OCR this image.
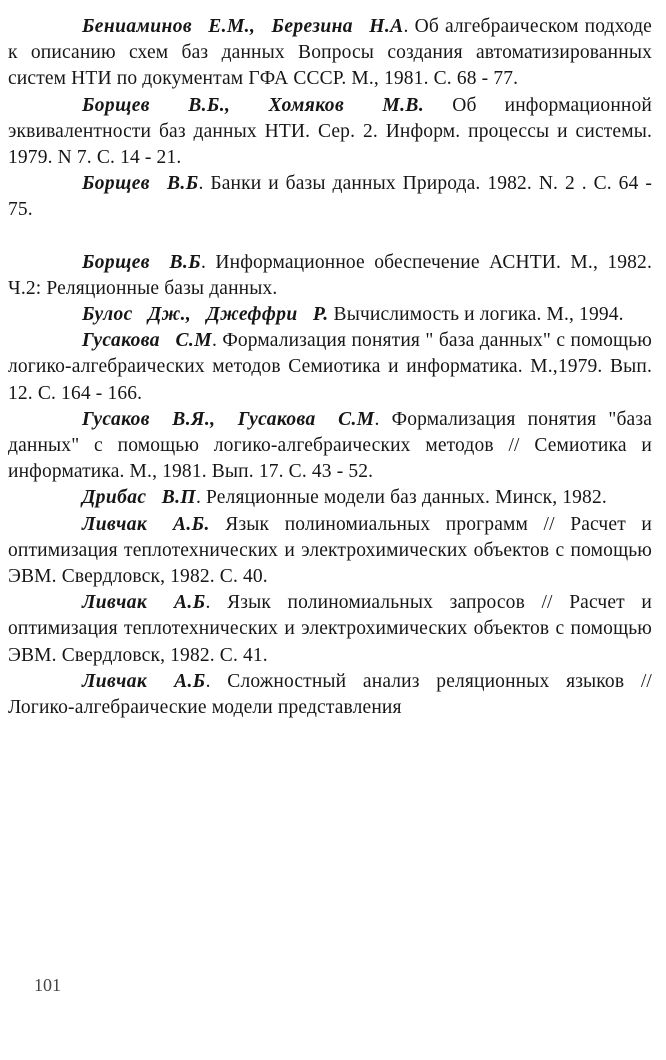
Бениаминов Е.М., Березина Н.А. Об алгебраическом подходе к описанию схем баз данных Вопросы создания автоматизированных систем НТИ по документам ГФА СССР. М., 1981. С. 68 - 77.

Борщев В.Б., Хомяков М.В. Об информационной эквивалентности баз данных НТИ. Сер. 2. Информ. процессы и системы. 1979. N 7. С. 14 - 21.

Борщев В.Б. Банки и базы данных Природа. 1982. N. 2 . С. 64 - 75.

Борщев В.Б. Информационное обеспечение АСНТИ. М., 1982. Ч.2: Реляционные базы данных.

Булос Дж., Джеффри Р. Вычислимость и логика. М., 1994.

Гусакова С.М. Формализация понятия " база данных" с помощью логико-алгебраических методов Семиотика и информатика. М.,1979. Вып. 12. С. 164 - 166.

Гусаков В.Я., Гусакова С.М. Формализация понятия "база данных" с помощью логико-алгебраических методов // Семиотика и информатика. М., 1981. Вып. 17. С. 43 - 52.

Дрибас В.П. Реляционные модели баз данных. Минск, 1982.

Ливчак А.Б. Язык полиномиальных программ // Расчет и оптимизация теплотехнических и электрохимических объектов с помощью ЭВМ. Свердловск, 1982. С. 40.

Ливчак А.Б. Язык полиномиальных запросов // Расчет и оптимизация теплотехнических и электрохимических объектов с помощью ЭВМ. Свердловск, 1982. С. 41.

Ливчак А.Б. Сложностный анализ реляционных языков // Логико-алгебраические модели представления

101
